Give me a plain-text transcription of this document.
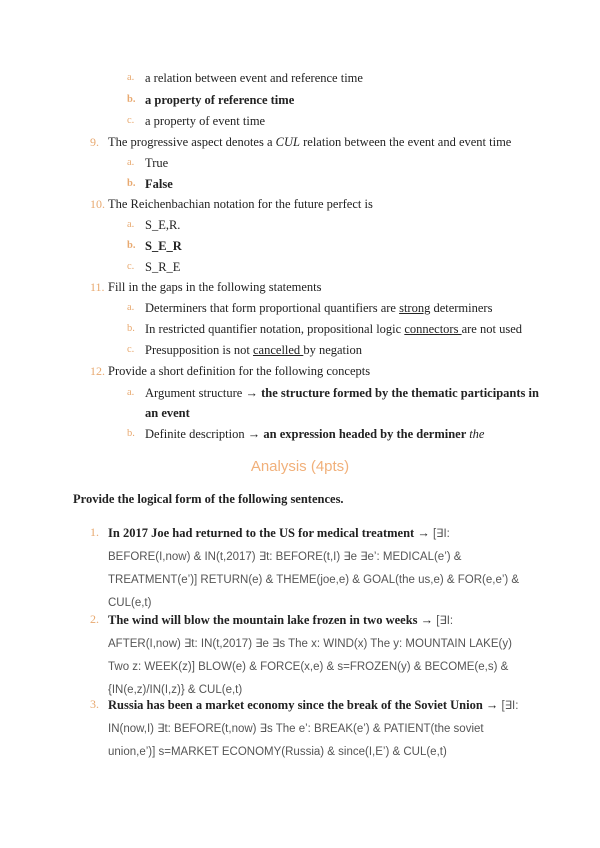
a. a relation between event and reference time
b. a property of reference time
c. a property of event time
9. The progressive aspect denotes a CUL relation between the event and event time
a. True
b. False
10. The Reichenbachian notation for the future perfect is
a. S_E,R.
b. S_E_R
c. S_R_E
11. Fill in the gaps in the following statements
a. Determiners that form proportional quantifiers are strong determiners
b. In restricted quantifier notation, propositional logic connectors are not used
c. Presupposition is not cancelled by negation
12. Provide a short definition for the following concepts
a. Argument structure → the structure formed by the thematic participants in
an event
b. Definite description → an expression headed by the derminer the
Analysis (4pts)
Provide the logical form of the following sentences.
1. In 2017 Joe had returned to the US for medical treatment → [∃I: BEFORE(I,now) & IN(t,2017) ∃t: BEFORE(t,I) ∃e ∃e’: MEDICAL(e’) & TREATMENT(e’)] RETURN(e) & THEME(joe,e) & GOAL(the us,e) & FOR(e,e’) & CUL(e,t)
2. The wind will blow the mountain lake frozen in two weeks → [∃I: AFTER(I,now) ∃t: IN(t,2017) ∃e ∃s The x: WIND(x) The y: MOUNTAIN LAKE(y) Two z: WEEK(z)] BLOW(e) & FORCE(x,e) & s=FROZEN(y) & BECOME(e,s) & {IN(e,z)/IN(I,z)} & CUL(e,t)
3. Russia has been a market economy since the break of the Soviet Union → [∃I: IN(now,I) ∃t: BEFORE(t,now) ∃s The e’: BREAK(e’) & PATIENT(the soviet union,e’)] s=MARKET ECONOMY(Russia) & since(I,E’) & CUL(e,t)
